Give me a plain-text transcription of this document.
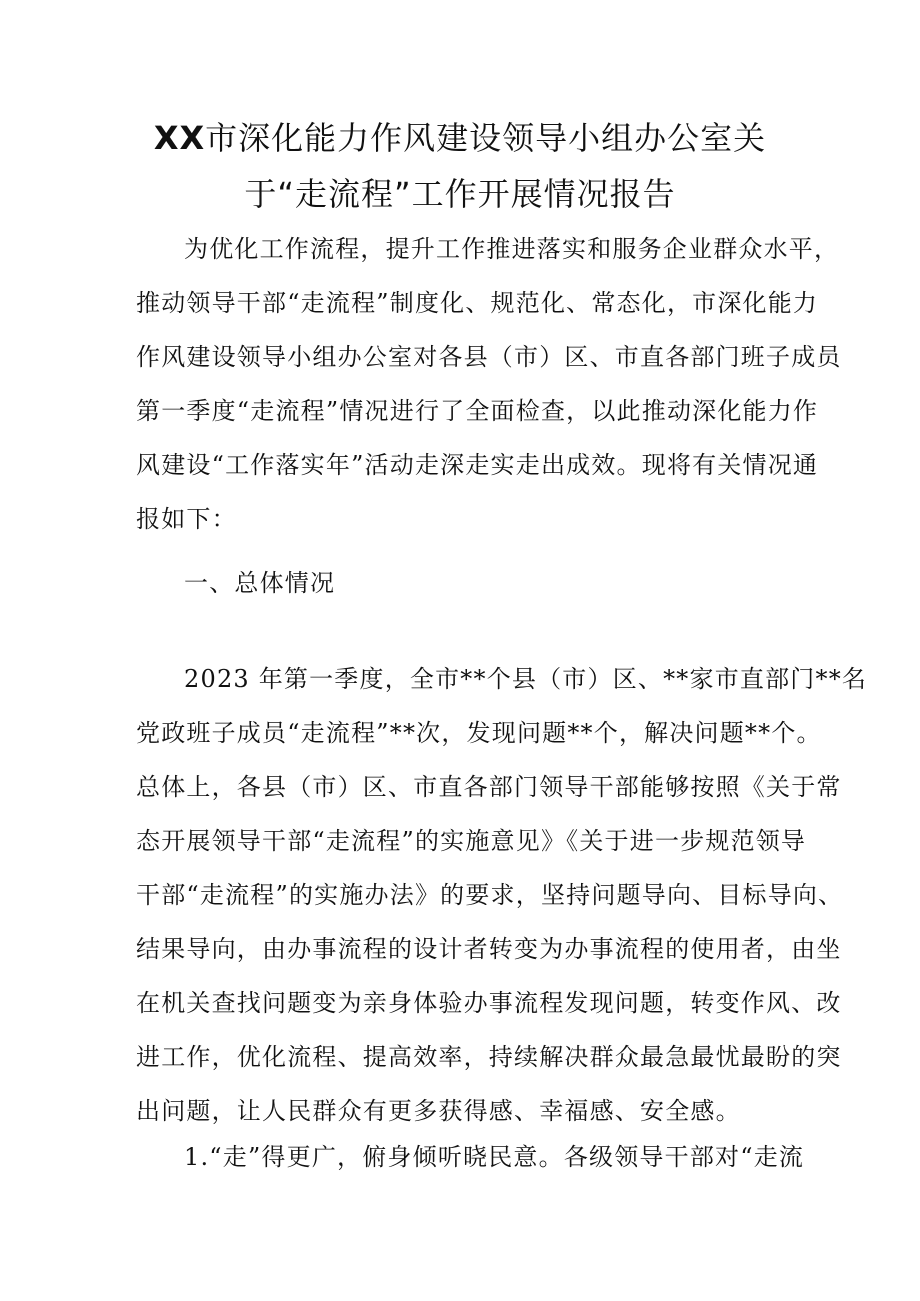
XX市深化能力作风建设领导小组办公室关
于“走流程”工作开展情况报告
为优化工作流程，提升工作推进落实和服务企业群众水平，
推动领导干部“走流程”制度化、规范化、常态化，市深化能力
作风建设领导小组办公室对各县（市）区、市直各部门班子成员
第一季度“走流程”情况进行了全面检查，以此推动深化能力作
风建设“工作落实年”活动走深走实走出成效。现将有关情况通
报如下：
一、总体情况
2023 年第一季度，全市**个县（市）区、**家市直部门**名
党政班子成员“走流程”**次，发现问题**个，解决问题**个。
总体上，各县（市）区、市直各部门领导干部能够按照《关于常
态开展领导干部“走流程”的实施意见》《关于进一步规范领导
干部“走流程”的实施办法》的要求，坚持问题导向、目标导向、
结果导向，由办事流程的设计者转变为办事流程的使用者，由坐
在机关查找问题变为亲身体验办事流程发现问题，转变作风、改
进工作，优化流程、提高效率，持续解决群众最急最忧最盼的突
出问题，让人民群众有更多获得感、幸福感、安全感。
1.“走”得更广，俯身倾听晓民意。各级领导干部对“走流
